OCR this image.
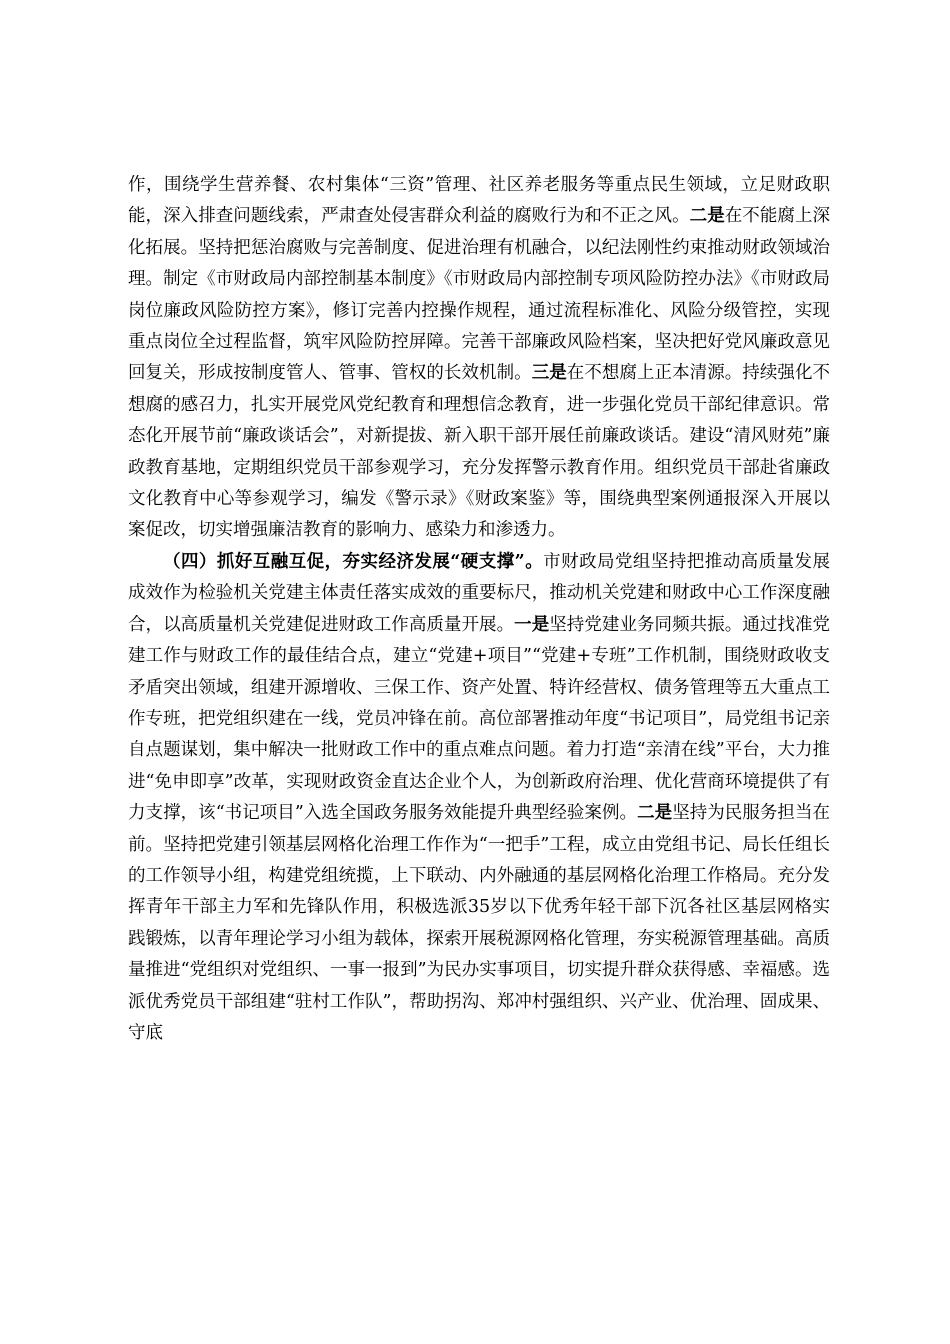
作，围绕学生营养餐、农村集体“三资”管理、社区养老服务等重点民生领域，立足财政职能，深入排查问题线索，严肃查处侵害群众利益的腐败行为和不正之风。二是在不能腐上深化拓展。坚持把惩治腐败与完善制度、促进治理有机融合，以纪法刚性约束推动财政领域治理。制定《市财政局内部控制基本制度》《市财政局内部控制专项风险防控办法》《市财政局岗位廉政风险防控方案》，修订完善内控操作规程，通过流程标准化、风险分级管控，实现重点岗位全过程监督，筑牢风险防控屏障。完善干部廉政风险档案，坚决把好党风廉政意见回复关，形成按制度管人、管事、管权的长效机制。三是在不想腐上正本清源。持续强化不想腐的感召力，扎实开展党风党纪教育和理想信念教育，进一步强化党员干部纪律意识。常态化开展节前“廉政谈话会”，对新提拔、新入职干部开展任前廉政谈话。建设“清风财苑”廉政教育基地，定期组织党员干部参观学习，充分发挥警示教育作用。组织党员干部赴省廉政文化教育中心等参观学习，编发《警示录》《财政案鉴》等，围绕典型案例通报深入开展以案促改，切实增强廉洁教育的影响力、感染力和渗透力。

（四）抓好互融互促，夯实经济发展“硬支撑”。市财政局党组坚持把推动高质量发展成效作为检验机关党建主体责任落实成效的重要标尺，推动机关党建和财政中心工作深度融合，以高质量机关党建促进财政工作高质量开展。一是坚持党建业务同频共振。通过找准党建工作与财政工作的最佳结合点，建立“党建+项目”“党建+专班”工作机制，围绕财政收支矛盾突出领域，组建开源增收、三保工作、资产处置、特许经营权、债务管理等五大重点工作专班，把党组织建在一线，党员冲锋在前。高位部署推动年度“书记项目”，局党组书记亲自点题谋划，集中解决一批财政工作中的重点难点问题。着力打造“亲清在线”平台，大力推进“免申即享”改革，实现财政资金直达企业个人，为创新政府治理、优化营商环境提供了有力支撑，该“书记项目”入选全国政务服务效能提升典型经验案例。二是坚持为民服务担当在前。坚持把党建引领基层网格化治理工作作为“一把手”工程，成立由党组书记、局长任组长的工作领导小组，构建党组统揽，上下联动、内外融通的基层网格化治理工作格局。充分发挥青年干部主力军和先锋队作用，积极选派35岁以下优秀年轻干部下沉各社区基层网格实践锻炼，以青年理论学习小组为载体，探索开展税源网格化管理，夯实税源管理基础。高质量推进“党组织对党组织、一事一报到”为民办实事项目，切实提升群众获得感、幸福感。选派优秀党员干部组建“驻村工作队”，帮助拐沟、郑冲村强组织、兴产业、优治理、固成果、守底
